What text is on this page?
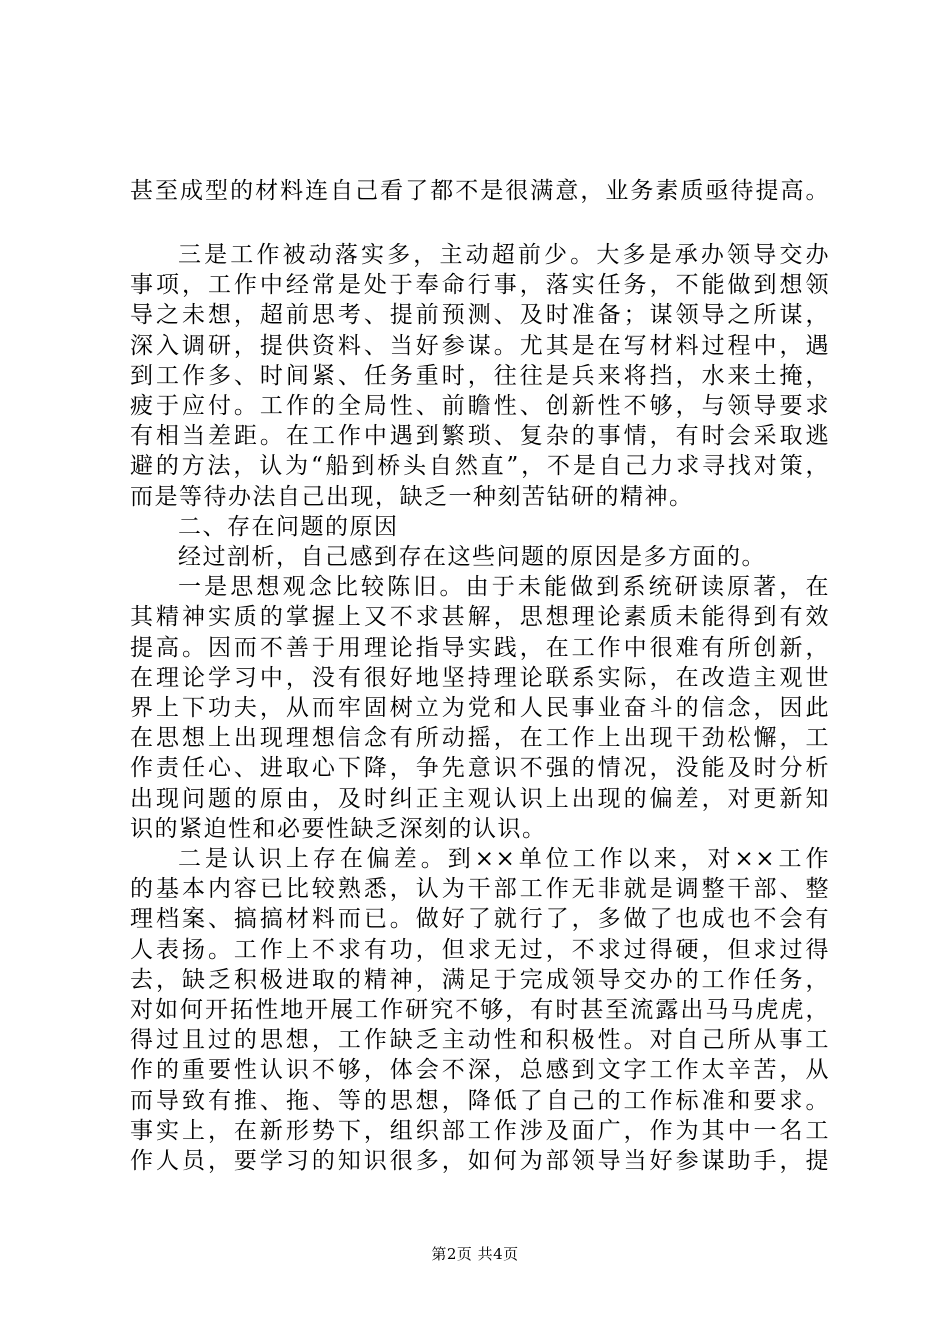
甚至成型的材料连自己看了都不是很满意，业务素质亟待提高。
三是工作被动落实多，主动超前少。大多是承办领导交办
事项，工作中经常是处于奉命行事，落实任务，不能做到想领
导之未想，超前思考、提前预测、及时准备；谋领导之所谋，
深入调研，提供资料、当好参谋。尤其是在写材料过程中，遇
到工作多、时间紧、任务重时，往往是兵来将挡，水来土掩，
疲于应付。工作的全局性、前瞻性、创新性不够，与领导要求
有相当差距。在工作中遇到繁琐、复杂的事情，有时会采取逃
避的方法，认为“船到桥头自然直”，不是自己力求寻找对策，
而是等待办法自己出现，缺乏一种刻苦钻研的精神。
二、存在问题的原因
经过剖析，自己感到存在这些问题的原因是多方面的。
一是思想观念比较陈旧。由于未能做到系统研读原著，在
其精神实质的掌握上又不求甚解，思想理论素质未能得到有效
提高。因而不善于用理论指导实践，在工作中很难有所创新，
在理论学习中，没有很好地坚持理论联系实际，在改造主观世
界上下功夫，从而牢固树立为党和人民事业奋斗的信念，因此
在思想上出现理想信念有所动摇，在工作上出现干劲松懈，工
作责任心、进取心下降，争先意识不强的情况，没能及时分析
出现问题的原由，及时纠正主观认识上出现的偏差，对更新知
识的紧迫性和必要性缺乏深刻的认识。
二是认识上存在偏差。到××单位工作以来，对××工作
的基本内容已比较熟悉，认为干部工作无非就是调整干部、整
理档案、搞搞材料而已。做好了就行了，多做了也成也不会有
人表扬。工作上不求有功，但求无过，不求过得硬，但求过得
去，缺乏积极进取的精神，满足于完成领导交办的工作任务，
对如何开拓性地开展工作研究不够，有时甚至流露出马马虎虎，
得过且过的思想，工作缺乏主动性和积极性。对自己所从事工
作的重要性认识不够，体会不深，总感到文字工作太辛苦，从
而导致有推、拖、等的思想，降低了自己的工作标准和要求。
事实上，在新形势下，组织部工作涉及面广，作为其中一名工
作人员，要学习的知识很多，如何为部领导当好参谋助手，提
第2页 共4页
